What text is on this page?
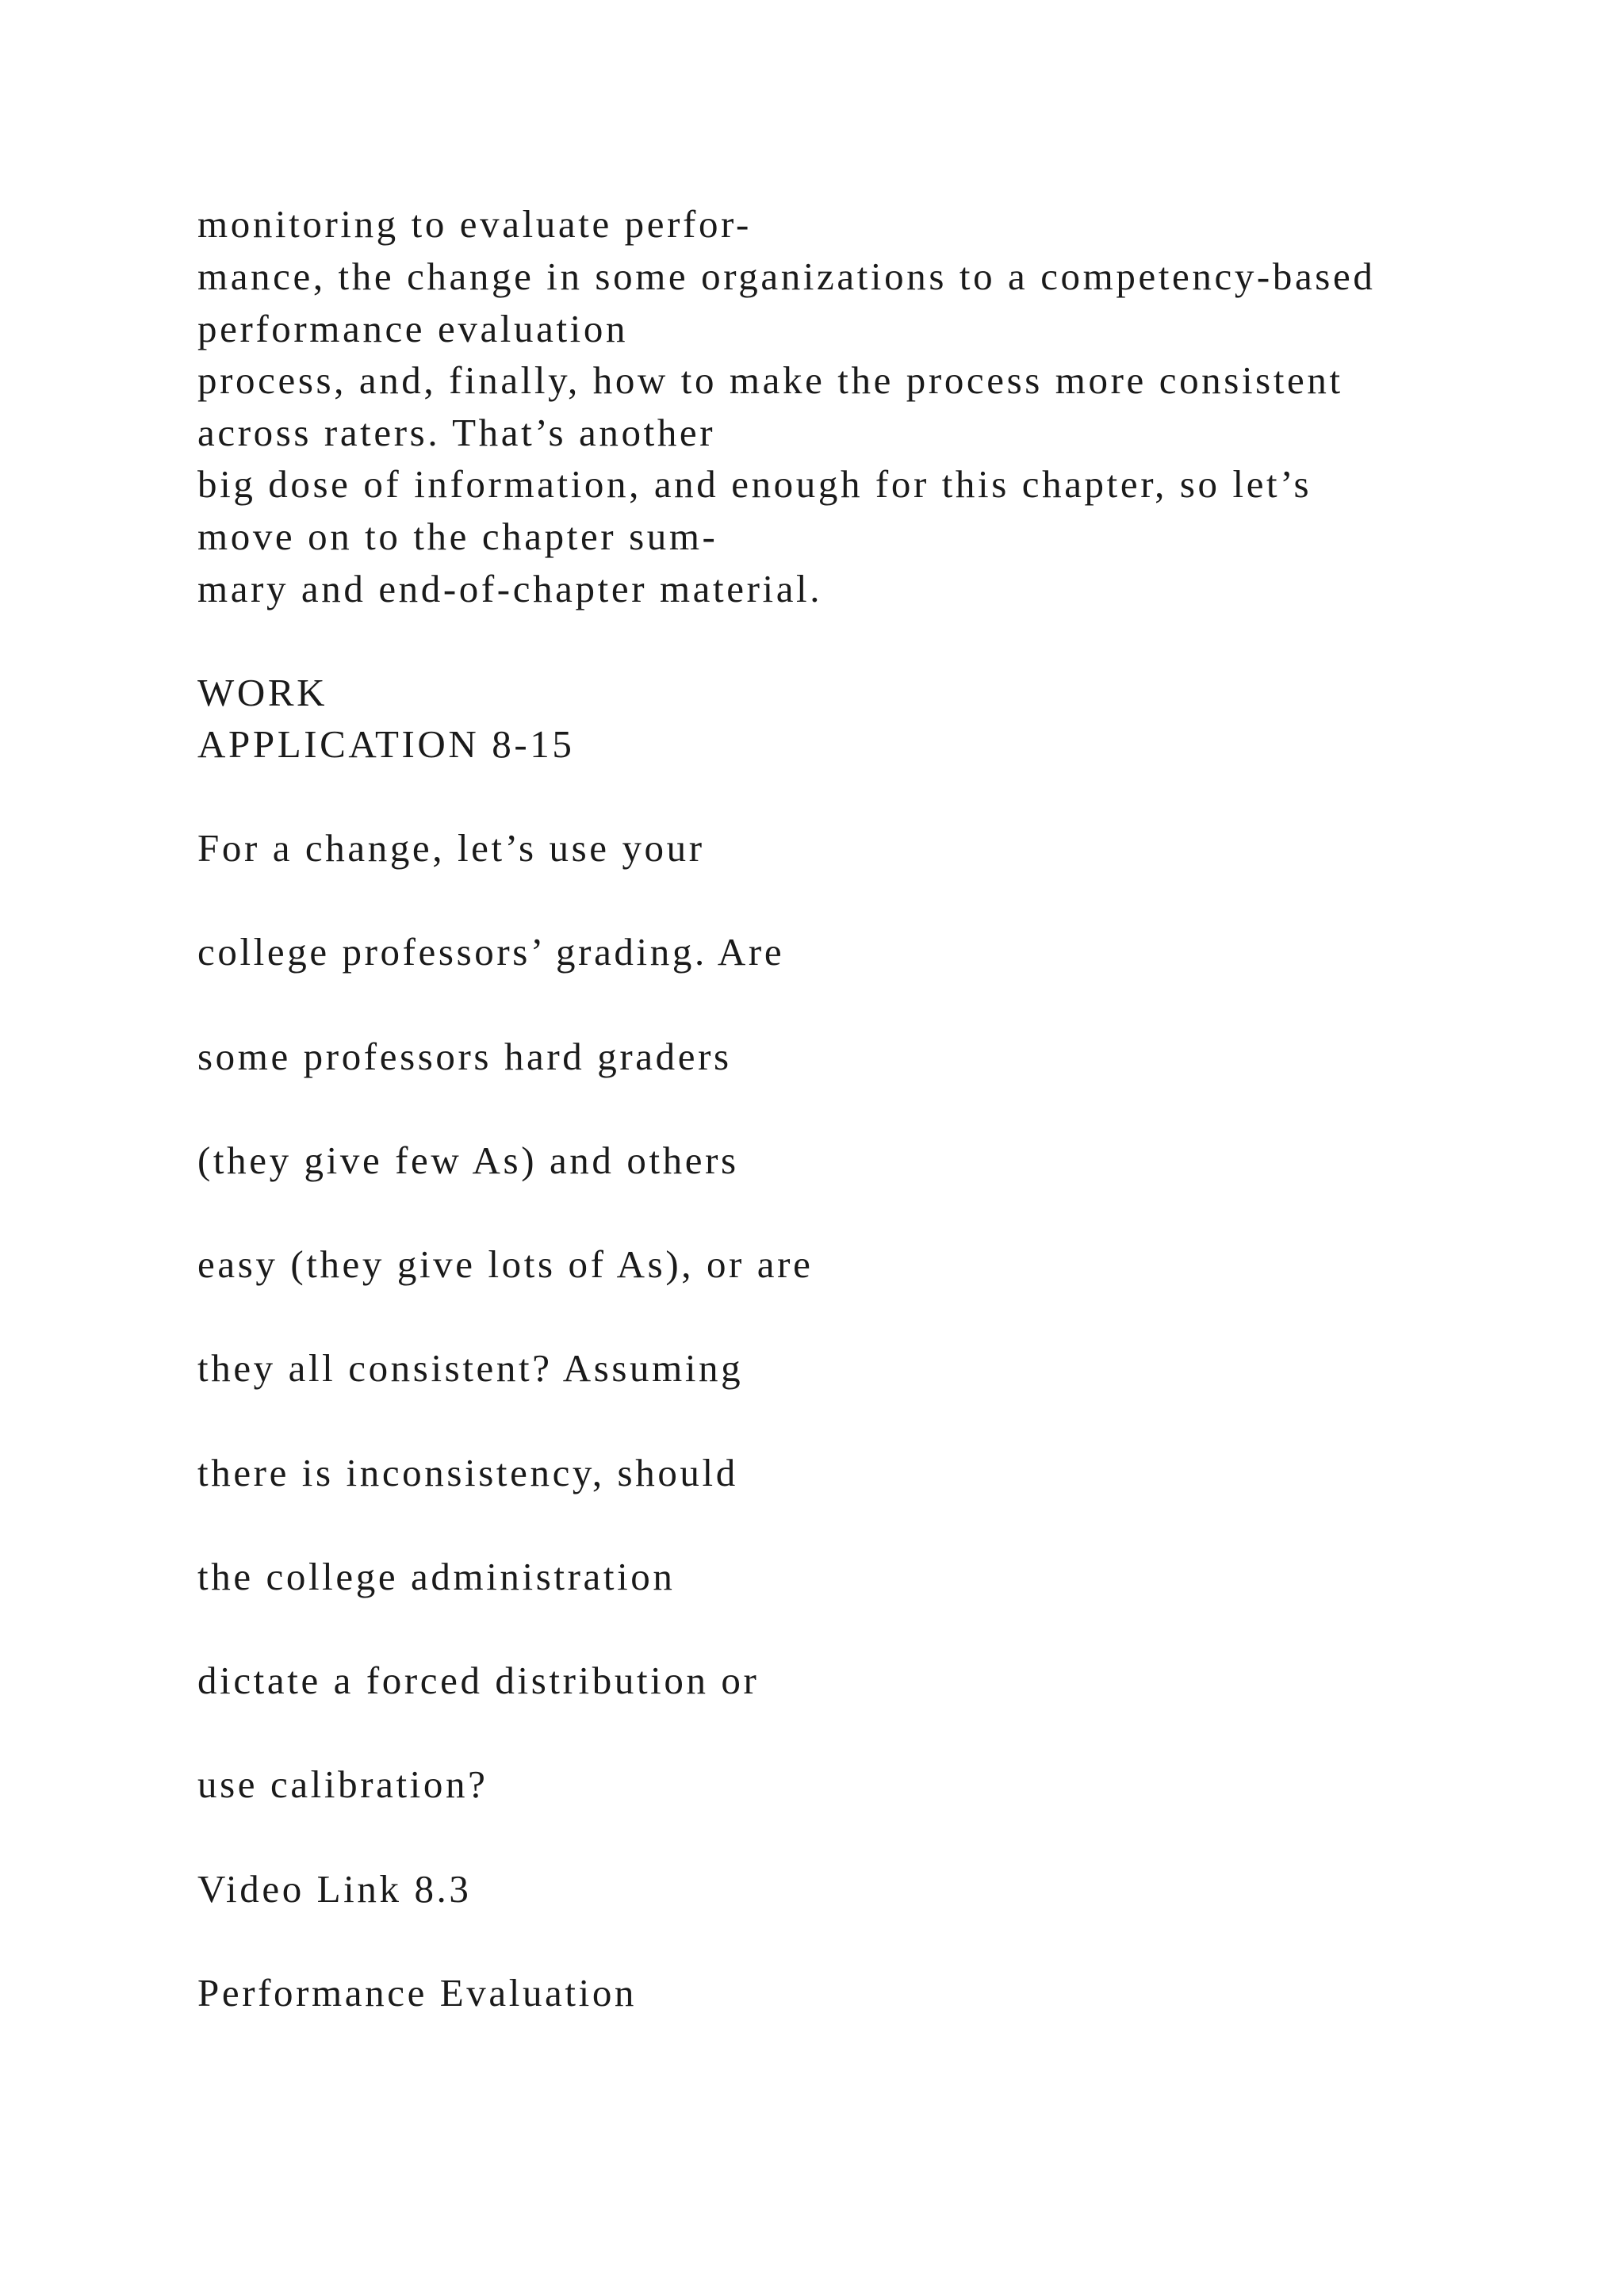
monitoring to evaluate perfor-

mance, the change in some organizations to a competency-based

performance evaluation

process, and, finally, how to make the process more consistent

across raters. That’s another

big dose of information, and enough for this chapter, so let’s

move on to the chapter sum-

mary and end-of-chapter material.

WORK

APPLICATION 8-15

For a change, let’s use your

college professors’ grading. Are

some professors hard graders

(they give few As) and others

easy (they give lots of As), or are

they all consistent? Assuming

there is inconsistency, should

the college administration

dictate a forced distribution or

use calibration?

Video Link 8.3

Performance Evaluation
